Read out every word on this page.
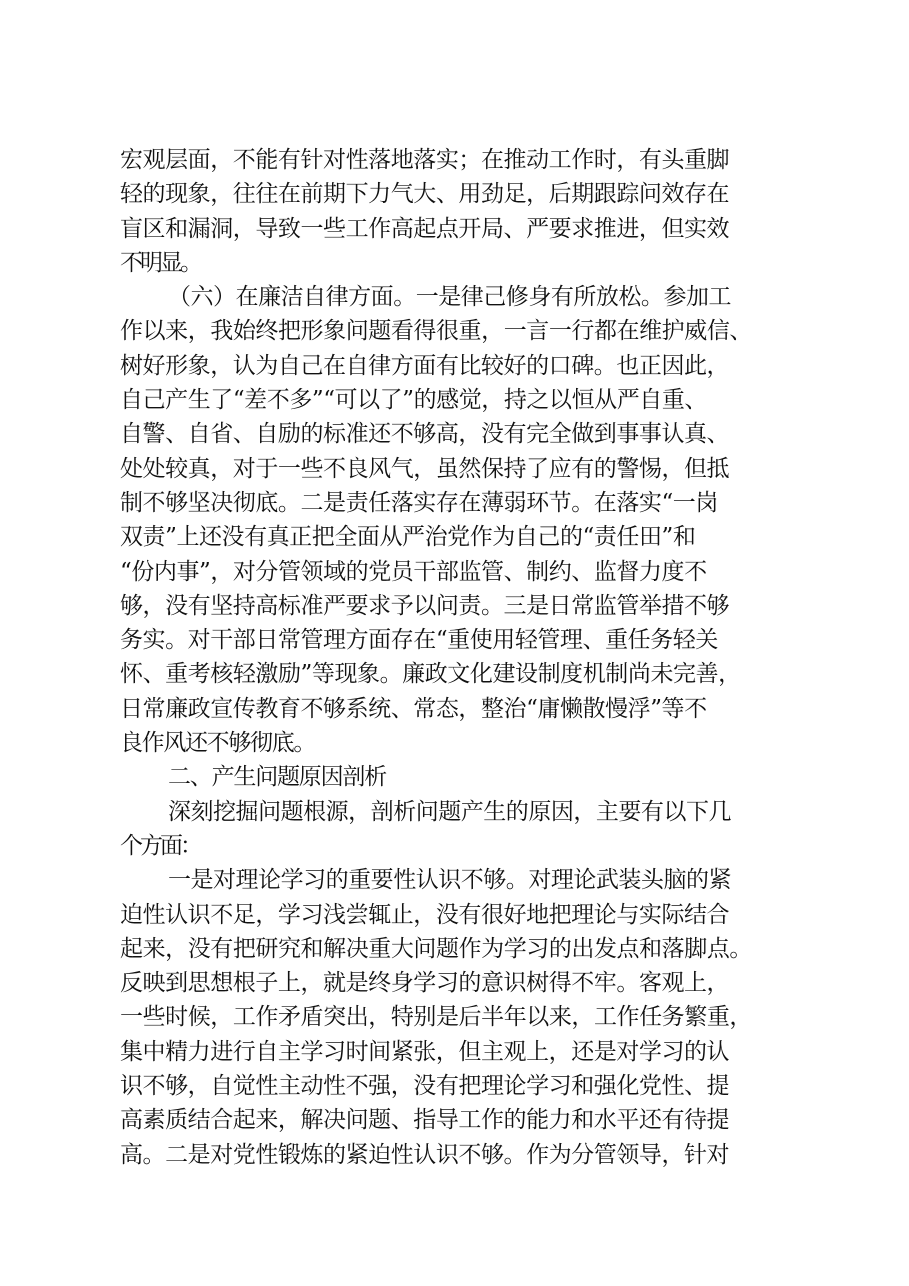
宏观层面，不能有针对性落地落实；在推动工作时，有头重脚
轻的现象，往往在前期下力气大、用劲足，后期跟踪问效存在
盲区和漏洞，导致一些工作高起点开局、严要求推进，但实效
不明显。
（六）在廉洁自律方面。一是律己修身有所放松。参加工
作以来，我始终把形象问题看得很重，一言一行都在维护威信、
树好形象，认为自己在自律方面有比较好的口碑。也正因此，
自己产生了“差不多”“可以了”的感觉，持之以恒从严自重、
自警、自省、自励的标准还不够高，没有完全做到事事认真、
处处较真，对于一些不良风气，虽然保持了应有的警惕，但抵
制不够坚决彻底。二是责任落实存在薄弱环节。在落实“一岗
双责”上还没有真正把全面从严治党作为自己的“责任田”和
“份内事”，对分管领域的党员干部监管、制约、监督力度不
够，没有坚持高标准严要求予以问责。三是日常监管举措不够
务实。对干部日常管理方面存在“重使用轻管理、重任务轻关
怀、重考核轻激励”等现象。廉政文化建设制度机制尚未完善，
日常廉政宣传教育不够系统、常态，整治“庸懒散慢浮”等不
良作风还不够彻底。
二、产生问题原因剖析
深刻挖掘问题根源，剖析问题产生的原因，主要有以下几
个方面：
一是对理论学习的重要性认识不够。对理论武装头脑的紧
迫性认识不足，学习浅尝辄止，没有很好地把理论与实际结合
起来，没有把研究和解决重大问题作为学习的出发点和落脚点。
反映到思想根子上，就是终身学习的意识树得不牢。客观上，
一些时候，工作矛盾突出，特别是后半年以来，工作任务繁重，
集中精力进行自主学习时间紧张，但主观上，还是对学习的认
识不够，自觉性主动性不强，没有把理论学习和强化党性、提
高素质结合起来，解决问题、指导工作的能力和水平还有待提
高。二是对党性锻炼的紧迫性认识不够。作为分管领导，针对
